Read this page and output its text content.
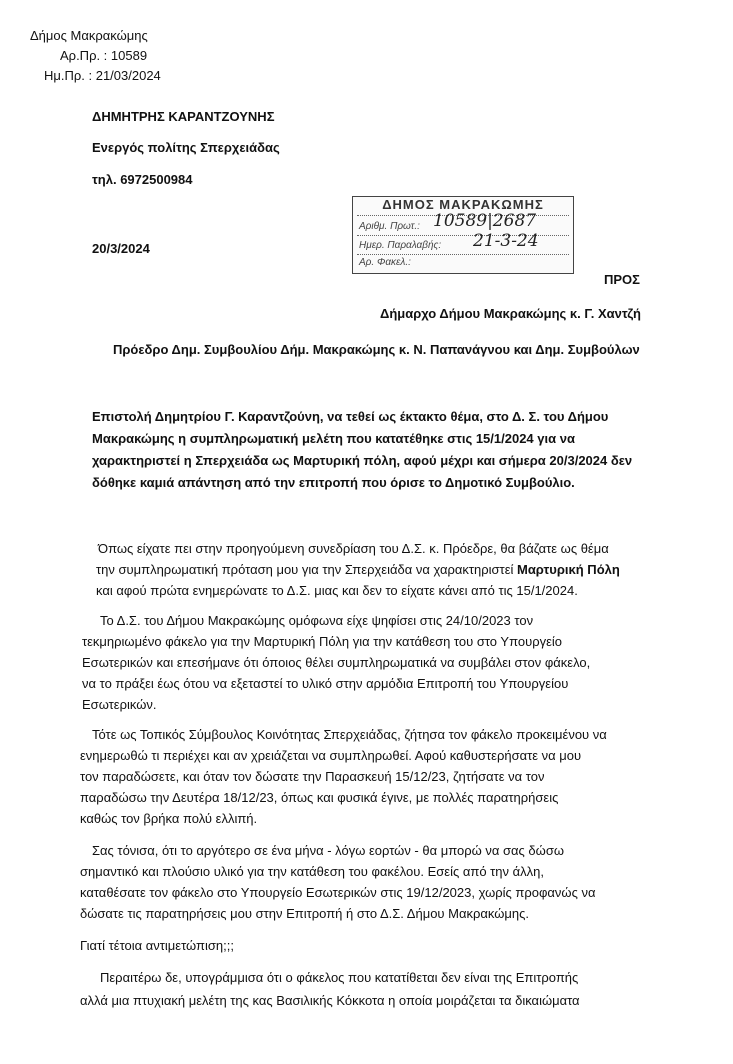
Δήμος Μακρακώμης
Αρ.Πρ. : 10589
Ημ.Πρ. : 21/03/2024
ΔΗΜΗΤΡΗΣ ΚΑΡΑΝΤΖΟΥΝΗΣ
Ενεργός πολίτης Σπερχειάδας
τηλ. 6972500984
20/3/2024
ΔΗΜΟΣ ΜΑΚΡΑΚΩΜΗΣ
Αριθμ. Πρωτ.: 10589|2687
Ημερ. Παραλαβής: 21-3-24
Αρ. Φακελ.:
ΠΡΟΣ
Δήμαρχο Δήμου Μακρακώμης κ. Γ. Χαντζή
Πρόεδρο Δημ. Συμβουλίου Δήμ. Μακρακώμης κ. Ν. Παπανάγνου και Δημ. Συμβούλων
Επιστολή Δημητρίου Γ. Καραντζούνη, να τεθεί ως έκτακτο θέμα, στο Δ. Σ. του Δήμου
Μακρακώμης η συμπληρωματική μελέτη που κατατέθηκε στις 15/1/2024 για να
χαρακτηριστεί η Σπερχειάδα ως Μαρτυρική πόλη, αφού μέχρι και σήμερα 20/3/2024 δεν
δόθηκε καμιά απάντηση από την επιτροπή που όρισε το Δημοτικό Συμβούλιο.
Όπως είχατε πει στην προηγούμενη συνεδρίαση του Δ.Σ. κ. Πρόεδρε, θα βάζατε ως θέμα
την συμπληρωματική πρόταση μου για την Σπερχειάδα να χαρακτηριστεί Μαρτυρική Πόλη
και αφού πρώτα ενημερώνατε το Δ.Σ. μιας και δεν το είχατε κάνει από τις 15/1/2024.
Το Δ.Σ. του Δήμου Μακρακώμης ομόφωνα είχε ψηφίσει στις 24/10/2023 τον
τεκμηριωμένο φάκελο για την Μαρτυρική Πόλη για την κατάθεση του στο Υπουργείο
Εσωτερικών και επεσήμανε ότι όποιος θέλει συμπληρωματικά να συμβάλει στον φάκελο,
να το πράξει έως ότου να εξεταστεί το υλικό στην αρμόδια Επιτροπή του Υπουργείου
Εσωτερικών.
Τότε ως Τοπικός Σύμβουλος Κοινότητας Σπερχειάδας, ζήτησα τον φάκελο προκειμένου να
ενημερωθώ τι περιέχει και αν χρειάζεται να συμπληρωθεί. Αφού καθυστερήσατε να μου
τον παραδώσετε, και όταν τον δώσατε την Παρασκευή 15/12/23, ζητήσατε να τον
παραδώσω την Δευτέρα 18/12/23, όπως και φυσικά έγινε, με πολλές παρατηρήσεις
καθώς τον βρήκα πολύ ελλιπή.
Σας τόνισα, ότι το αργότερο σε ένα μήνα - λόγω εορτών - θα μπορώ να σας δώσω
σημαντικό και πλούσιο υλικό για την κατάθεση του φακέλου. Εσείς από την άλλη,
καταθέσατε τον φάκελο στο Υπουργείο Εσωτερικών στις 19/12/2023, χωρίς προφανώς να
δώσατε τις παρατηρήσεις μου στην Επιτροπή ή στο Δ.Σ. Δήμου Μακρακώμης.
Γιατί τέτοια αντιμετώπιση;;;
Περαιτέρω δε, υπογράμμισα ότι ο φάκελος που κατατίθεται δεν είναι της Επιτροπής
αλλά μια πτυχιακή μελέτη της κας Βασιλικής Κόκκοτα η οποία μοιράζεται τα δικαιώματα
